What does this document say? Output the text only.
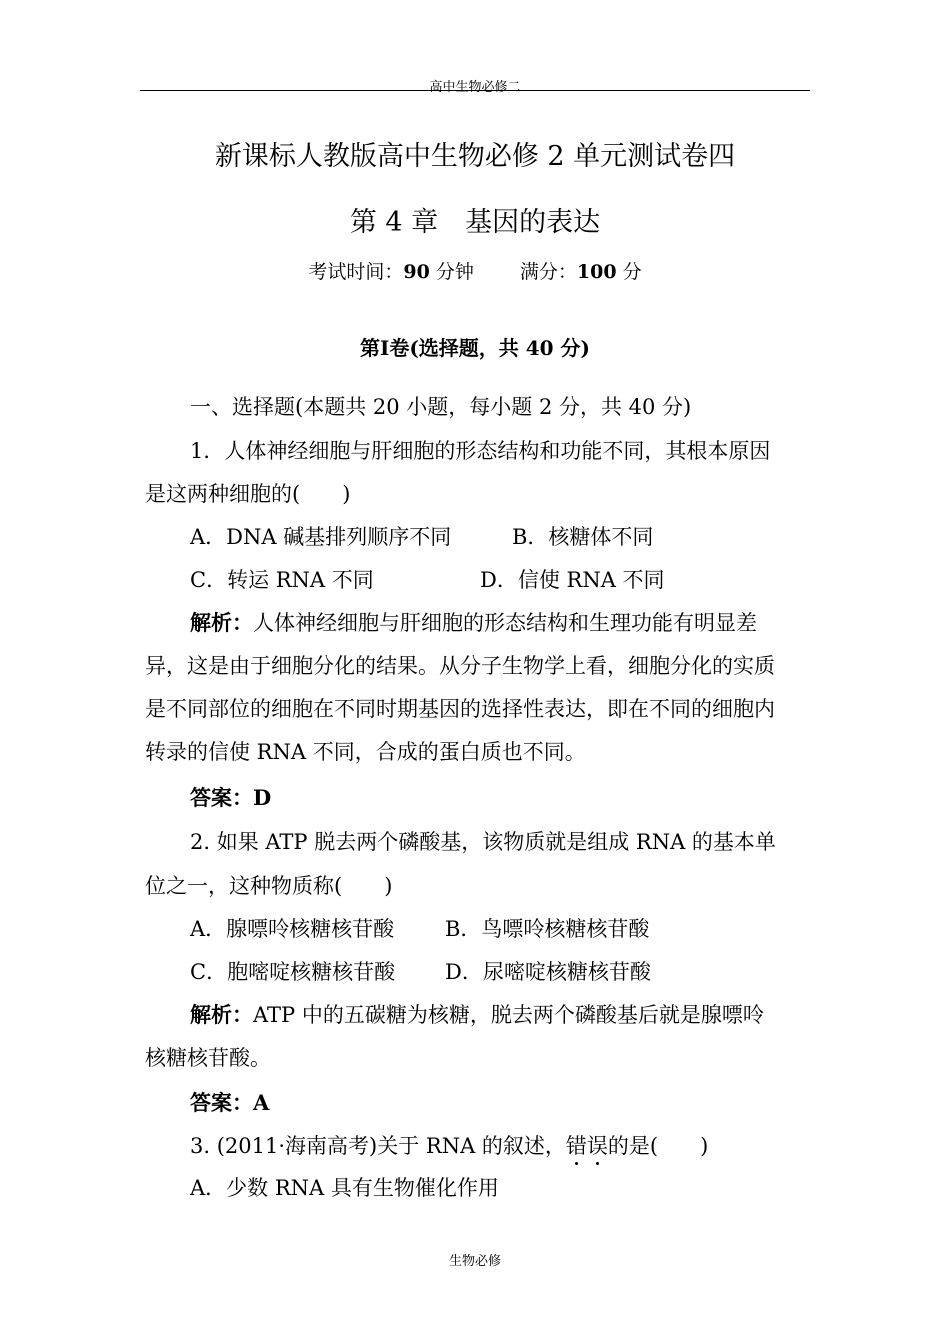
高中生物必修二
新课标人教版高中生物必修 2 单元测试卷四
第 4 章　基因的表达
考试时间：90 分钟 满分：100 分
第Ⅰ卷(选择题，共 40 分)
一、选择题(本题共 20 小题，每小题 2 分，共 40 分)
1．人体神经细胞与肝细胞的形态结构和功能不同，其根本原因
是这两种细胞的(　　)
A．DNA 碱基排列顺序不同	B．核糖体不同
C．转运 RNA 不同	D．信使 RNA 不同
解析：人体神经细胞与肝细胞的形态结构和生理功能有明显差
异，这是由于细胞分化的结果。从分子生物学上看，细胞分化的实质
是不同部位的细胞在不同时期基因的选择性表达，即在不同的细胞内
转录的信使 RNA 不同，合成的蛋白质也不同。
答案：D
2. 如果 ATP 脱去两个磷酸基，该物质就是组成 RNA 的基本单
位之一，这种物质称(　　)
A．腺嘌呤核糖核苷酸 B．鸟嘌呤核糖核苷酸
C．胞嘧啶核糖核苷酸 D．尿嘧啶核糖核苷酸
解析：ATP 中的五碳糖为核糖，脱去两个磷酸基后就是腺嘌呤
核糖核苷酸。
答案：A
3. (2011·海南高考)关于 RNA 的叙述，错
误
的是(　　)
A．少数 RNA 具有生物催化作用
生物必修
